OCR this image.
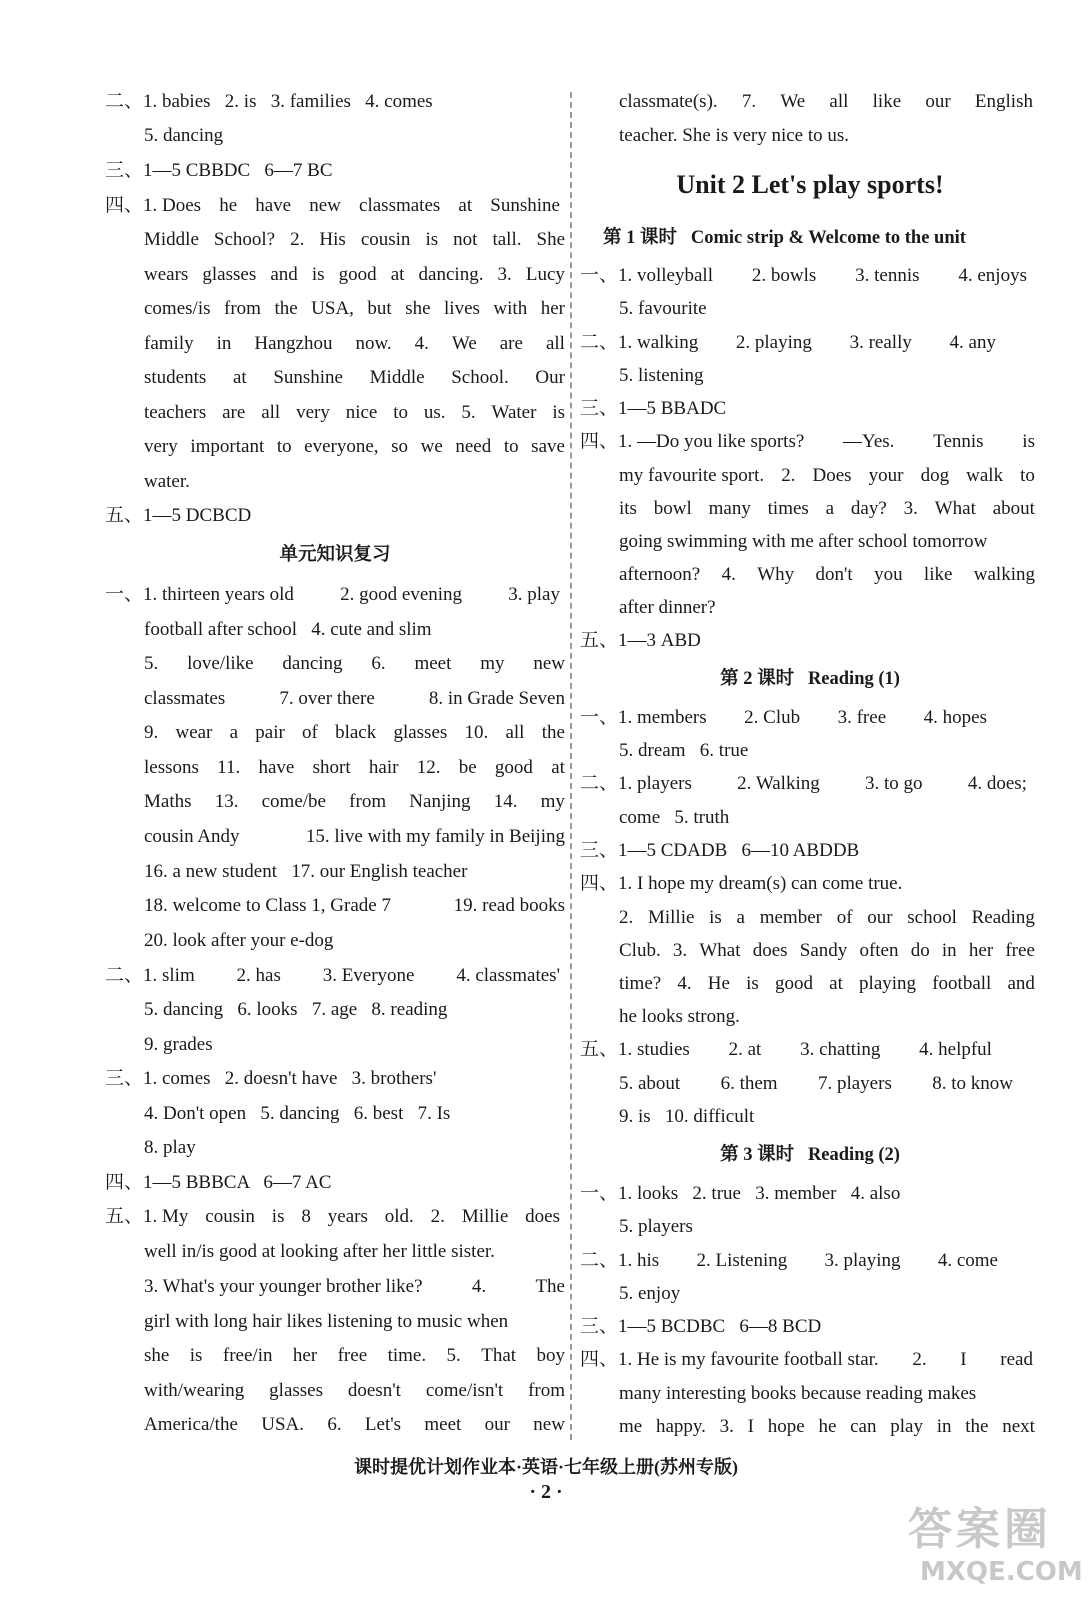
二、1. babies   2. is   3. families   4. comes
5. dancing
三、1—5 CBBDC   6—7 BC
四、1. Does he have new classmates at Sunshine
Middle School? 2. His cousin is not tall. She
wears glasses and is good at dancing. 3. Lucy
comes/is from the USA, but she lives with her
family in Hangzhou now. 4. We are all
students at Sunshine Middle School. Our
teachers are all very nice to us. 5. Water is
very important to everyone, so we need to save
water.
五、1—5 DCBCD
单元知识复习
一、1. thirteen years old 2. good evening 3. play
football after school   4. cute and slim
5. love/like dancing 6. meet my new
classmates	7. over there	8. in Grade Seven
9. wear a pair of black glasses 10. all the
lessons 11. have short hair 12. be good at
Maths 13. come/be from Nanjing 14. my
cousin Andy	15. live with my family in Beijing
16. a new student   17. our English teacher
18. welcome to Class 1, Grade 7	19. read books
20. look after your e-dog
二、1. slim 2. has 3. Everyone 4. classmates'
5. dancing   6. looks   7. age   8. reading
9. grades
三、1. comes   2. doesn't have   3. brothers'
4. Don't open   5. dancing   6. best   7. Is
8. play
四、1—5 BBBCA   6—7 AC
五、1. My cousin is 8 years old. 2. Millie does
well in/is good at looking after her little sister.
3. What's your younger brother like?	4.	The
girl with long hair likes listening to music when
she is free/in her free time. 5. That boy
with/wearing glasses doesn't come/isn't from
America/the USA. 6. Let's meet our new
classmate(s). 7. We all like our English
teacher. She is very nice to us.
Unit 2 Let's play sports!
第 1 课时   Comic strip & Welcome to the unit
一、1. volleyball 2. bowls 3. tennis 4. enjoys
5. favourite
二、1. walking 2. playing 3. really 4. any
5. listening
三、1—5 BBADC
四、1. —Do you like sports? —Yes. Tennis is
my favourite sport. 2. Does your dog walk to
its bowl many times a day? 3. What about
going swimming with me after school tomorrow
afternoon? 4. Why don't you like walking
after dinner?
五、1—3 ABD
第 2 课时   Reading (1)
一、1. members 2. Club 3. free 4. hopes
5. dream   6. true
二、1. players 2. Walking 3. to go 4. does;
come   5. truth
三、1—5 CDADB   6—10 ABDDB
四、1. I hope my dream(s) can come true.
2. Millie is a member of our school Reading
Club. 3. What does Sandy often do in her free
time? 4. He is good at playing football and
he looks strong.
五、1. studies 2. at 3. chatting 4. helpful
5. about 6. them 7. players 8. to know
9. is   10. difficult
第 3 课时   Reading (2)
一、1. looks   2. true   3. member   4. also
5. players
二、1. his 2. Listening 3. playing 4. come
5. enjoy
三、1—5 BCDBC   6—8 BCD
四、1. He is my favourite football star. 2. I read
many interesting books because reading makes
me happy. 3. I hope he can play in the next
课时提优计划作业本·英语·七年级上册(苏州专版)
· 2 ·
答案圈
MXQE.COM
